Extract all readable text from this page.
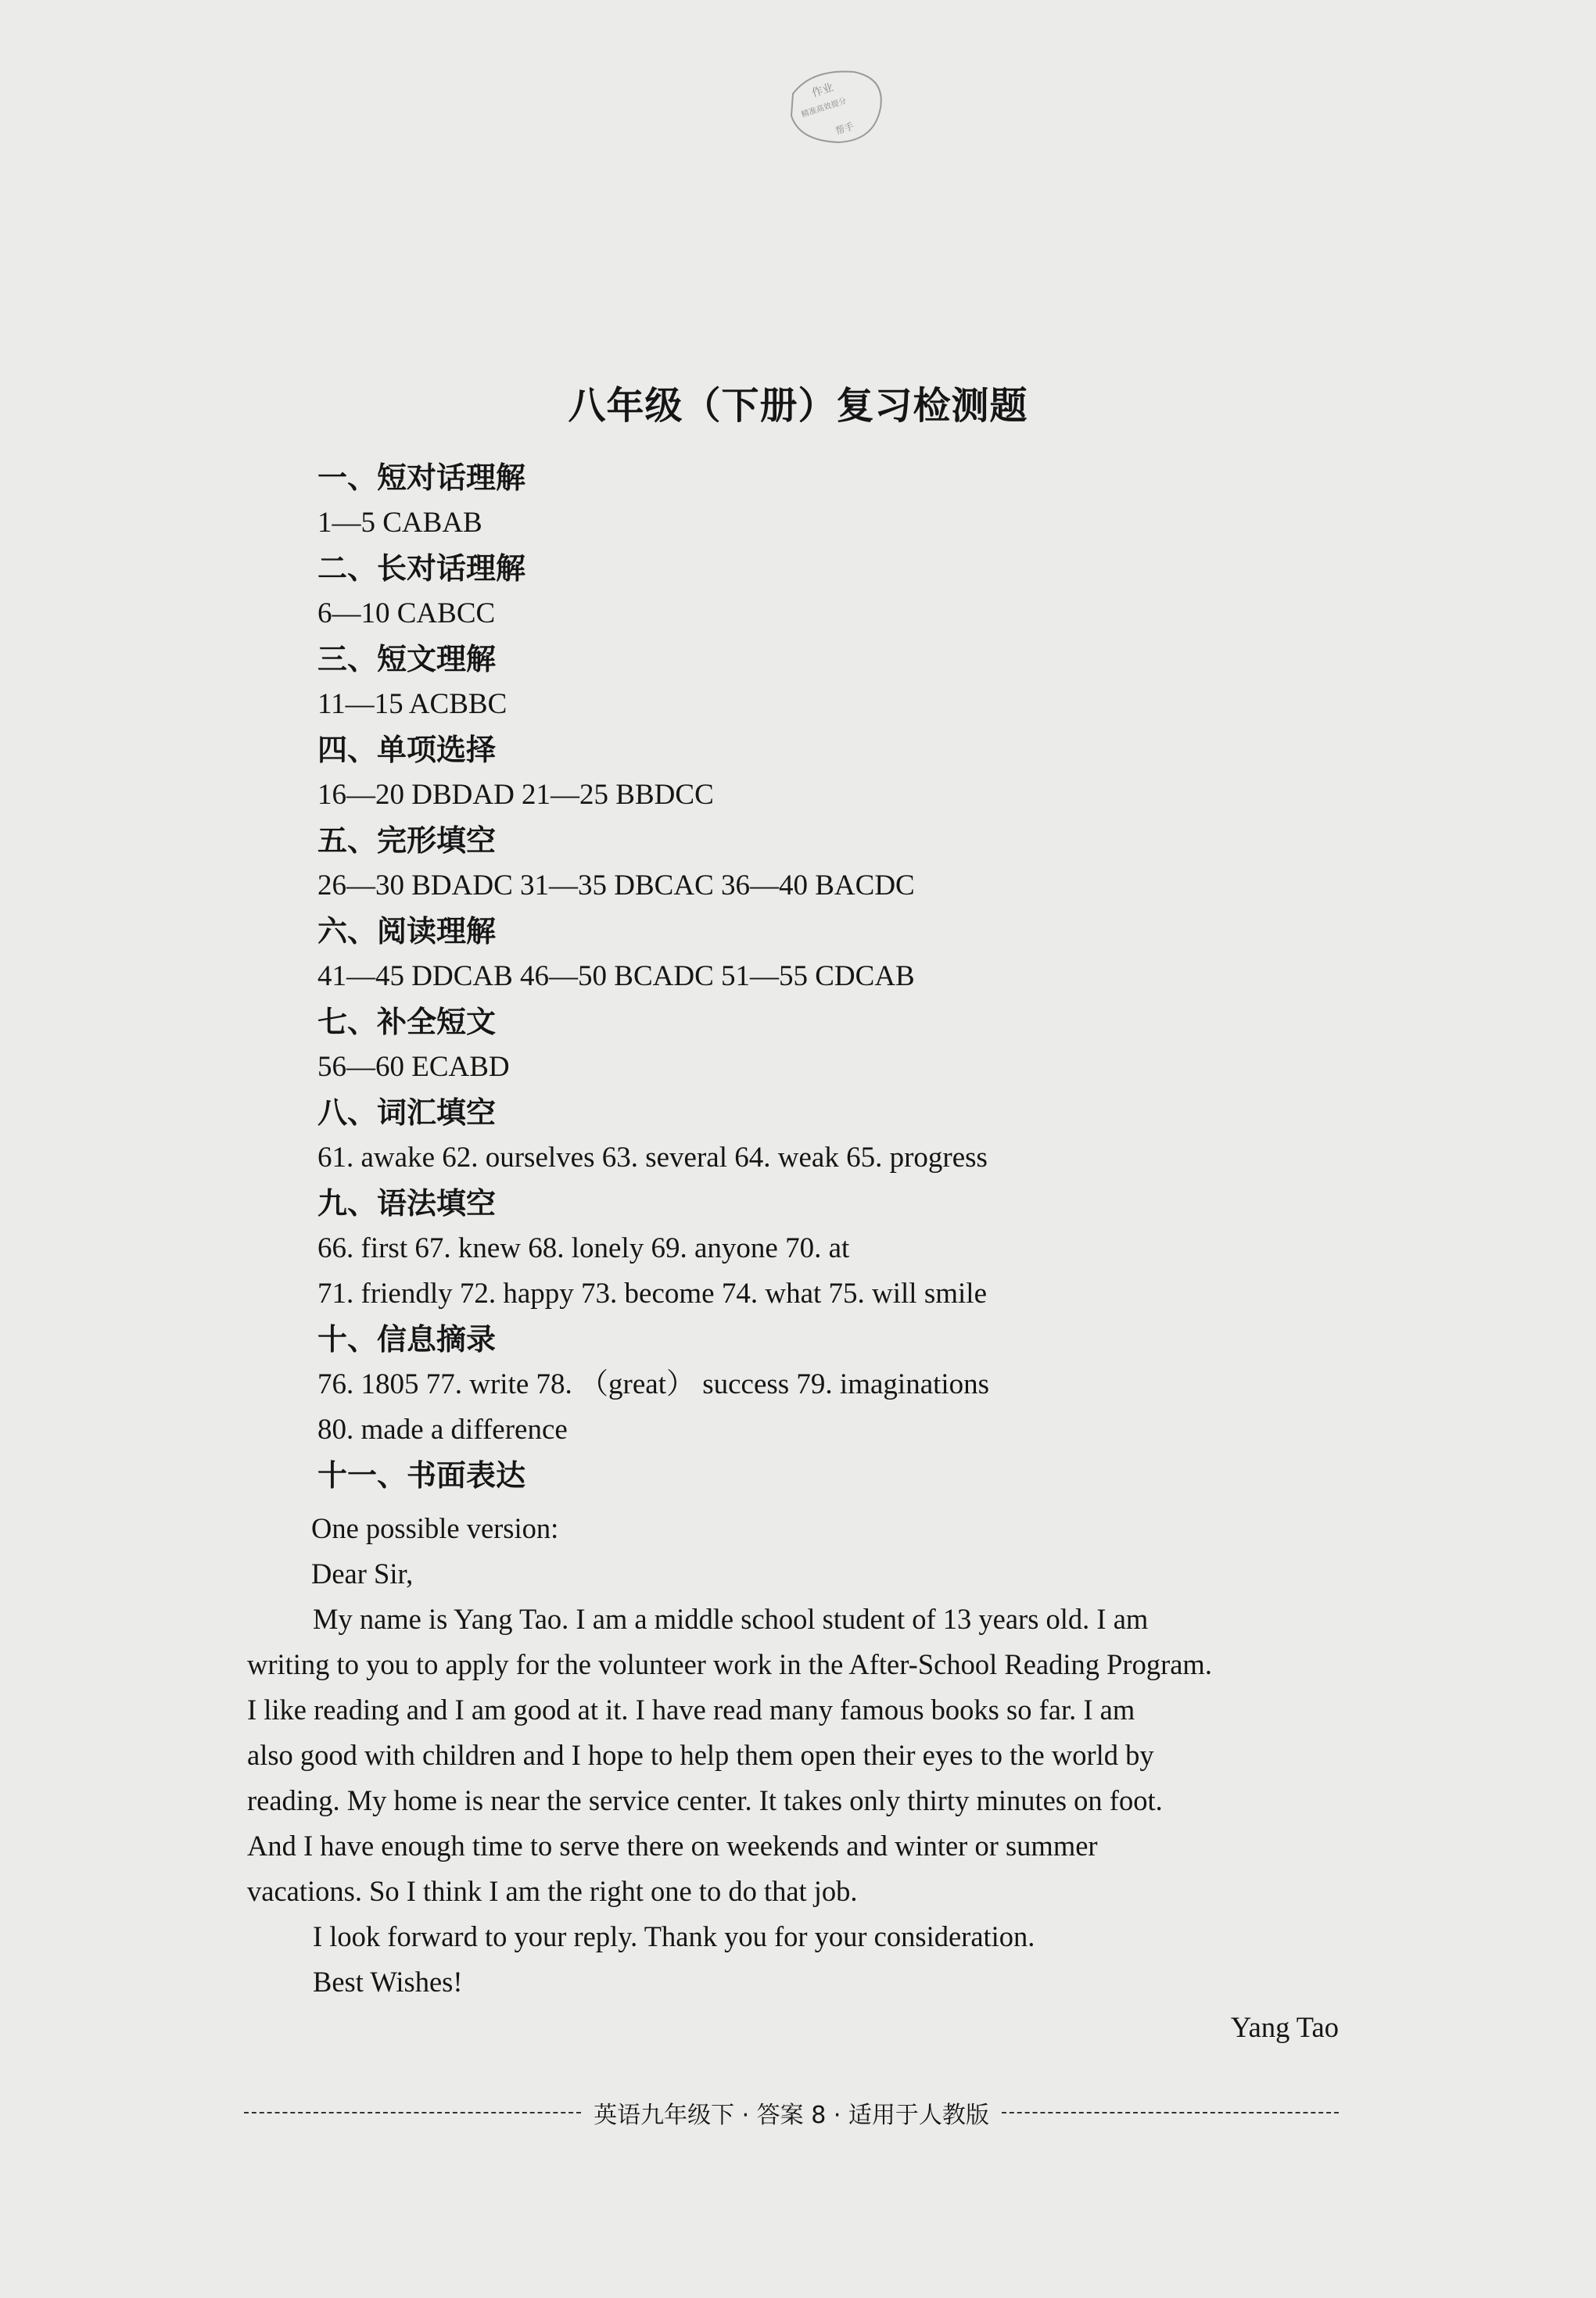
作业
精准高效提分
帮手
八年级（下册）复习检测题
一、短对话理解
1—5 CABAB
二、长对话理解
6—10 CABCC
三、短文理解
11—15 ACBBC
四、单项选择
16—20 DBDAD 21—25 BBDCC
五、完形填空
26—30 BDADC 31—35 DBCAC 36—40 BACDC
六、阅读理解
41—45 DDCAB 46—50 BCADC 51—55 CDCAB
七、补全短文
56—60 ECABD
八、词汇填空
61. awake 62. ourselves 63. several 64. weak 65. progress
九、语法填空
66. first 67. knew 68. lonely 69. anyone 70. at
71. friendly 72. happy 73. become 74. what 75. will smile
十、信息摘录
76. 1805 77. write 78. （great） success 79. imaginations
80. made a difference
十一、书面表达
One possible version:
Dear Sir,
My name is Yang Tao. I am a middle school student of 13 years old. I am
writing to you to apply for the volunteer work in the After-School Reading Program.
I like reading and I am good at it. I have read many famous books so far. I am
also good with children and I hope to help them open their eyes to the world by
reading. My home is near the service center. It takes only thirty minutes on foot.
And I have enough time to serve there on weekends and winter or summer
vacations. So I think I am the right one to do that job.
I look forward to your reply. Thank you for your consideration.
Best Wishes!
Yang Tao
英语九年级下 · 答案 8 · 适用于人教版
